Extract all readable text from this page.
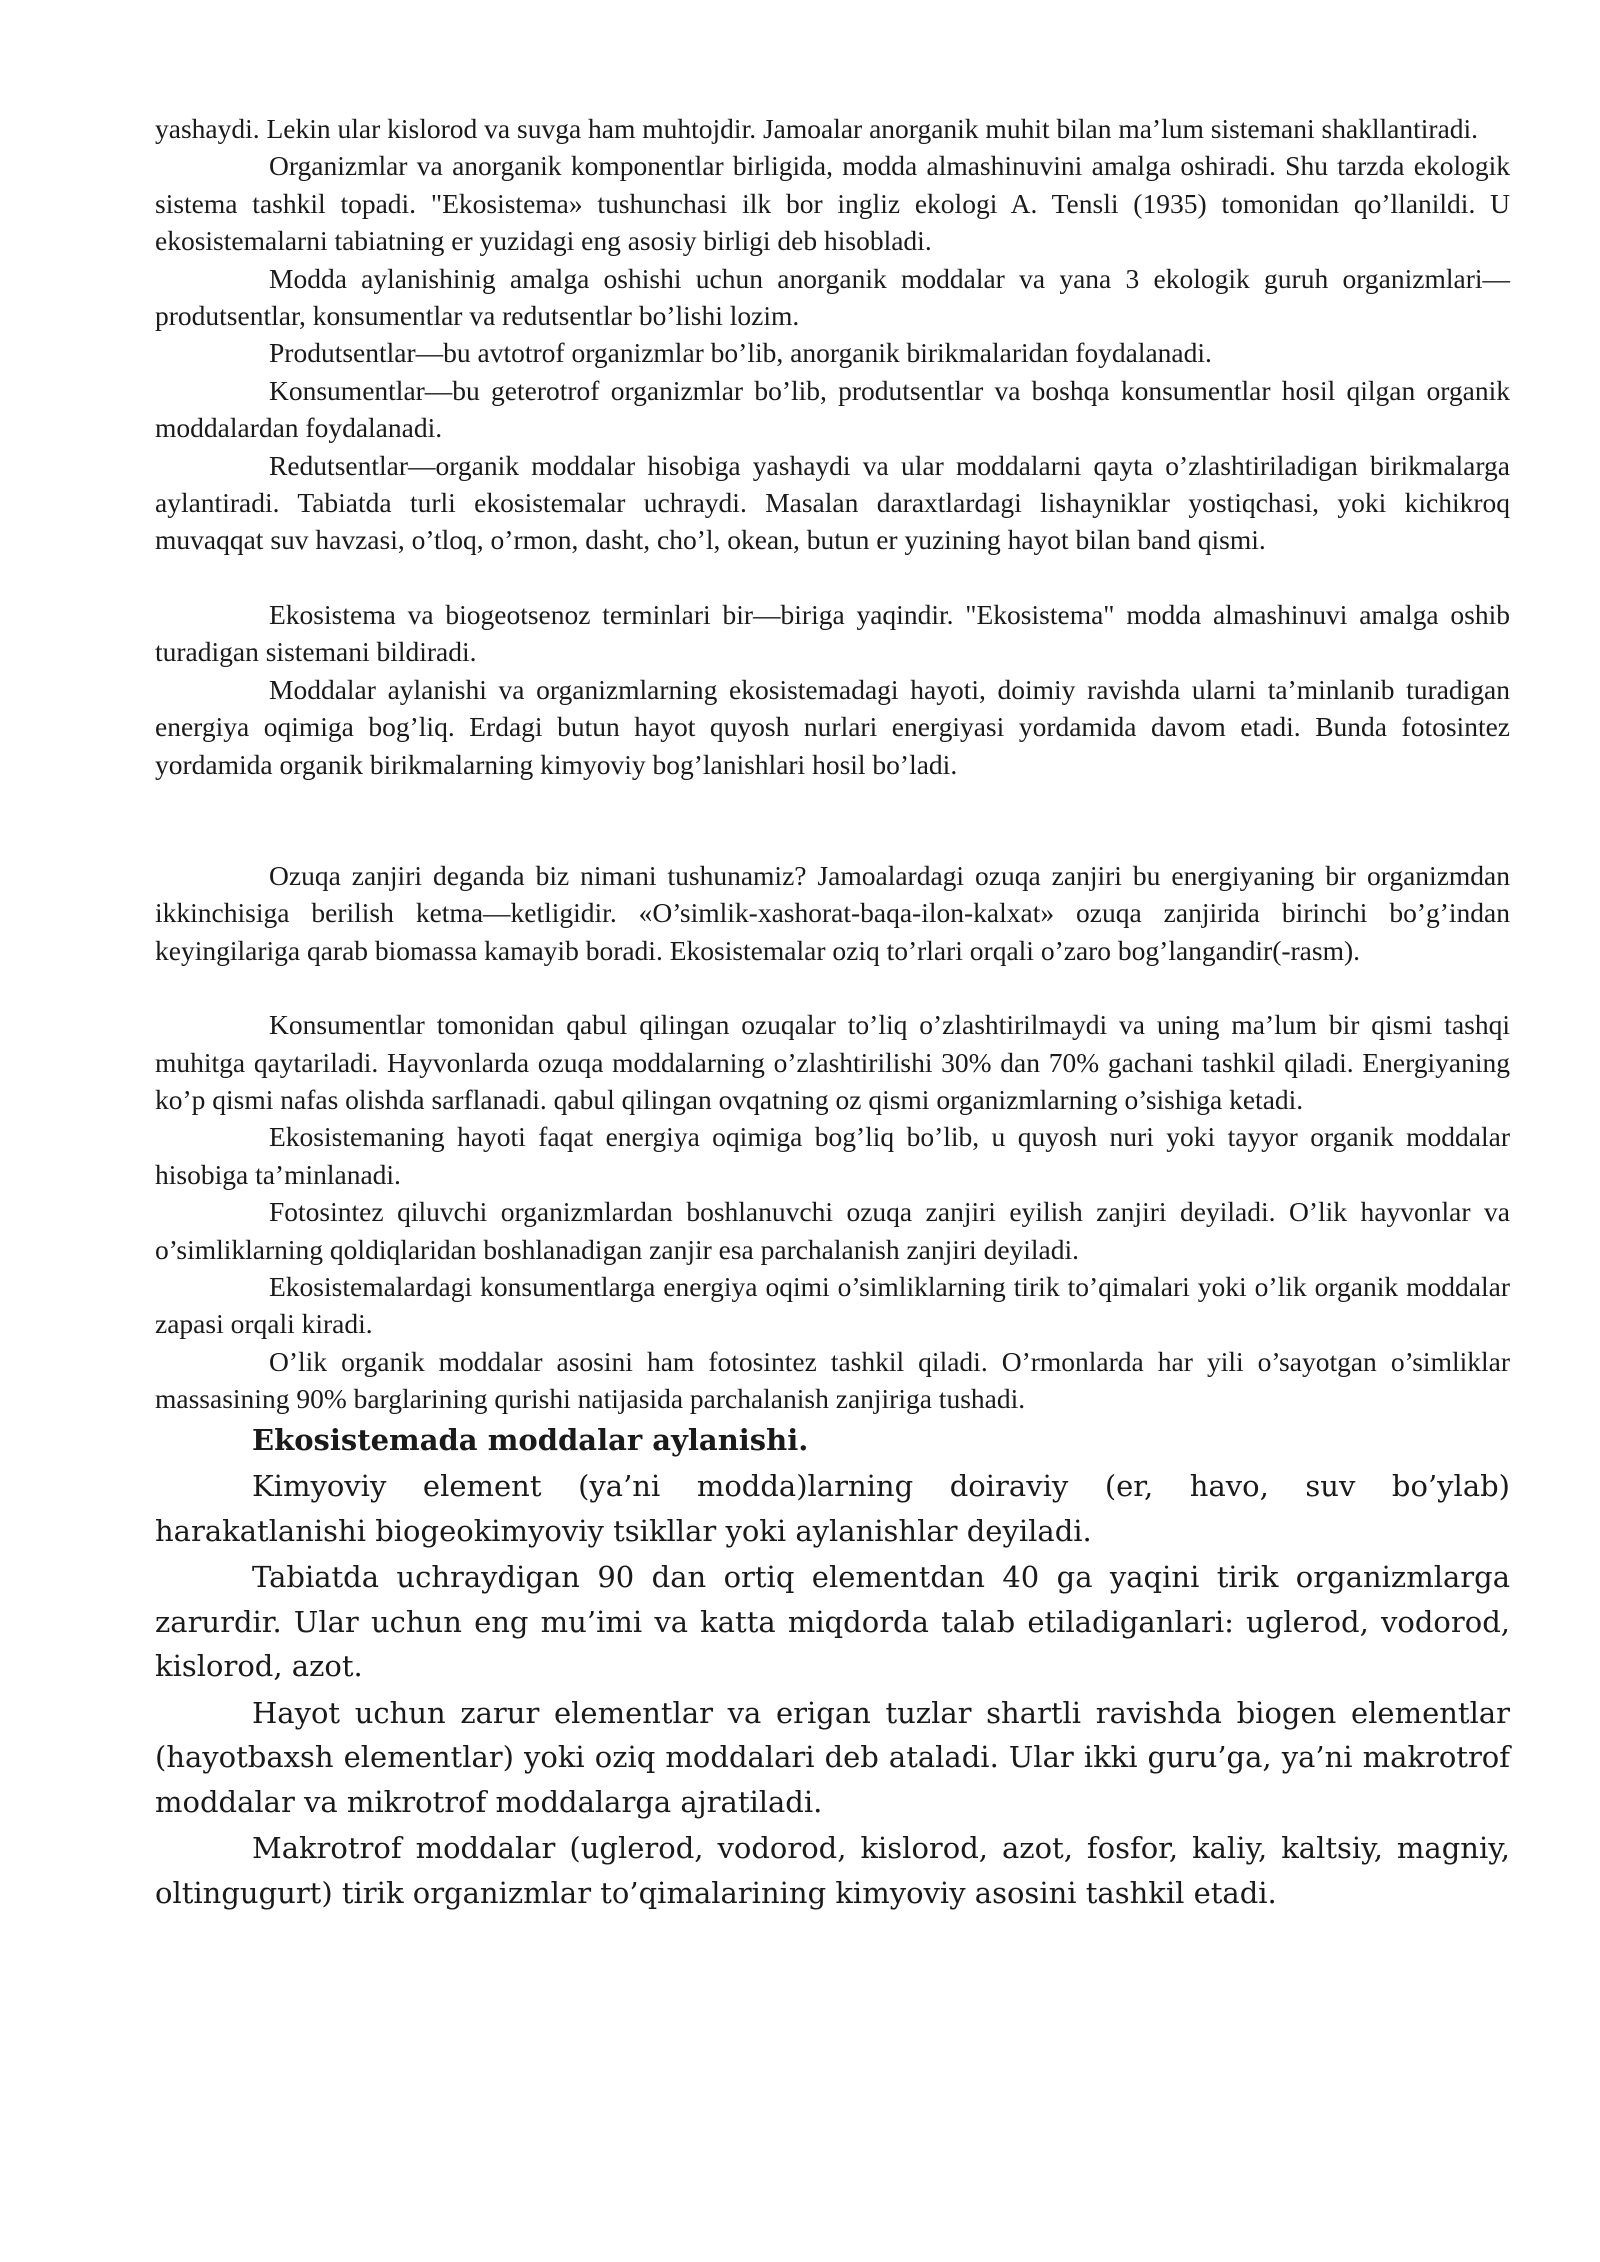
yashaydi. Lekin ular kislorod va suvga ham muhtojdir. Jamoalar anorganik muhit bilan ma’lum sistemani shakllantiradi.

Organizmlar va anorganik komponentlar birligida, modda almashinuvini amalga oshiradi. Shu tarzda ekologik sistema tashkil topadi. "Ekosistema» tushunchasi ilk bor ingliz ekologi A. Tensli (1935) tomonidan qo’llanildi. U ekosistemalarni tabiatning er yuzidagi eng asosiy birligi deb hisobladi.

Modda aylanishinig amalga oshishi uchun anorganik moddalar va yana 3 ekologik guruh organizmlari—produtsentlar, konsumentlar va redutsentlar bo’lishi lozim.

Produtsentlar—bu avtotrof organizmlar bo’lib, anorganik birikmalaridan foydalanadi.

Konsumentlar—bu geterotrof organizmlar bo’lib, produtsentlar va boshqa konsumentlar hosil qilgan organik moddalardan foydalanadi.

Redutsentlar—organik moddalar hisobiga yashaydi va ular moddalarni qayta o’zlashtiriladigan birikmalarga aylantiradi. Tabiatda turli ekosistemalar uchraydi. Masalan daraxtlardagi lishayniklar yostiqchasi, yoki kichikroq muvaqqat suv havzasi, o’tloq, o’rmon, dasht, cho’l, okean, butun er yuzining hayot bilan band qismi.

Ekosistema va biogeotsenoz terminlari bir—biriga yaqindir. "Ekosistema" modda almashinuvi amalga oshib turadigan sistemani bildiradi.

Moddalar aylanishi va organizmlarning ekosistemadagi hayoti, doimiy ravishda ularni ta’minlanib turadigan energiya oqimiga bog’liq. Erdagi butun hayot quyosh nurlari energiyasi yordamida davom etadi. Bunda fotosintez yordamida organik birikmalarning kimyoviy bog’lanishlari hosil bo’ladi.

Ozuqa zanjiri deganda biz nimani tushunamiz? Jamoalardagi ozuqa zanjiri bu energiyaning bir organizmdan ikkinchisiga berilish ketma—ketligidir. «O’simlik-xashorat-baqa-ilon-kalxat» ozuqa zanjirida birinchi bo’g’indan keyingilariga qarab biomassa kamayib boradi. Ekosistemalar oziq to’rlari orqali o’zaro bog’langandir(-rasm).

Konsumentlar tomonidan qabul qilingan ozuqalar to’liq o’zlashtirilmaydi va uning ma’lum bir qismi tashqi muhitga qaytariladi. Hayvonlarda ozuqa moddalarning o’zlashtirilishi 30% dan 70% gachani tashkil qiladi. Energiyaning ko’p qismi nafas olishda sarflanadi. qabul qilingan ovqatning oz qismi organizmlarning o’sishiga ketadi.

Ekosistemaning hayoti faqat energiya oqimiga bog’liq bo’lib, u quyosh nuri yoki tayyor organik moddalar hisobiga ta’minlanadi.

Fotosintez qiluvchi organizmlardan boshlanuvchi ozuqa zanjiri eyilish zanjiri deyiladi. O’lik hayvonlar va o’simliklarning qoldiqlaridan boshlanadigan zanjir esa parchalanish zanjiri deyiladi.

Ekosistemalardagi konsumentlarga energiya oqimi o’simliklarning tirik to’qimalari yoki o’lik organik moddalar zapasi orqali kiradi.

O’lik organik moddalar asosini ham fotosintez tashkil qiladi. O’rmonlarda har yili o’sayotgan o’simliklar massasining 90% barglarining qurishi natijasida parchalanish zanjiriga tushadi.

Ekosistemada moddalar aylanishi.

Kimyoviy element (ya’ni modda)larning doiraviy (er, havo, suv bo’ylab) harakatlanishi biogeokimyoviy tsikllar yoki aylanishlar deyiladi.

Tabiatda uchraydigan 90 dan ortiq elementdan 40 ga yaqini tirik organizmlarga zarurdir. Ular uchun eng mu’imi va katta miqdorda talab etiladiganlari: uglerod, vodorod, kislorod, azot.

Hayot uchun zarur elementlar va erigan tuzlar shartli ravishda biogen elementlar (hayotbaxsh elementlar) yoki oziq moddalari deb ataladi. Ular ikki guru’ga, ya’ni makrotrof moddalar va mikrotrof moddalarga ajratiladi.

Makrotrof moddalar (uglerod, vodorod, kislorod, azot, fosfor, kaliy, kaltsiy, magniy, oltingugurt) tirik organizmlar to’qimalarining kimyoviy asosini tashkil etadi.
